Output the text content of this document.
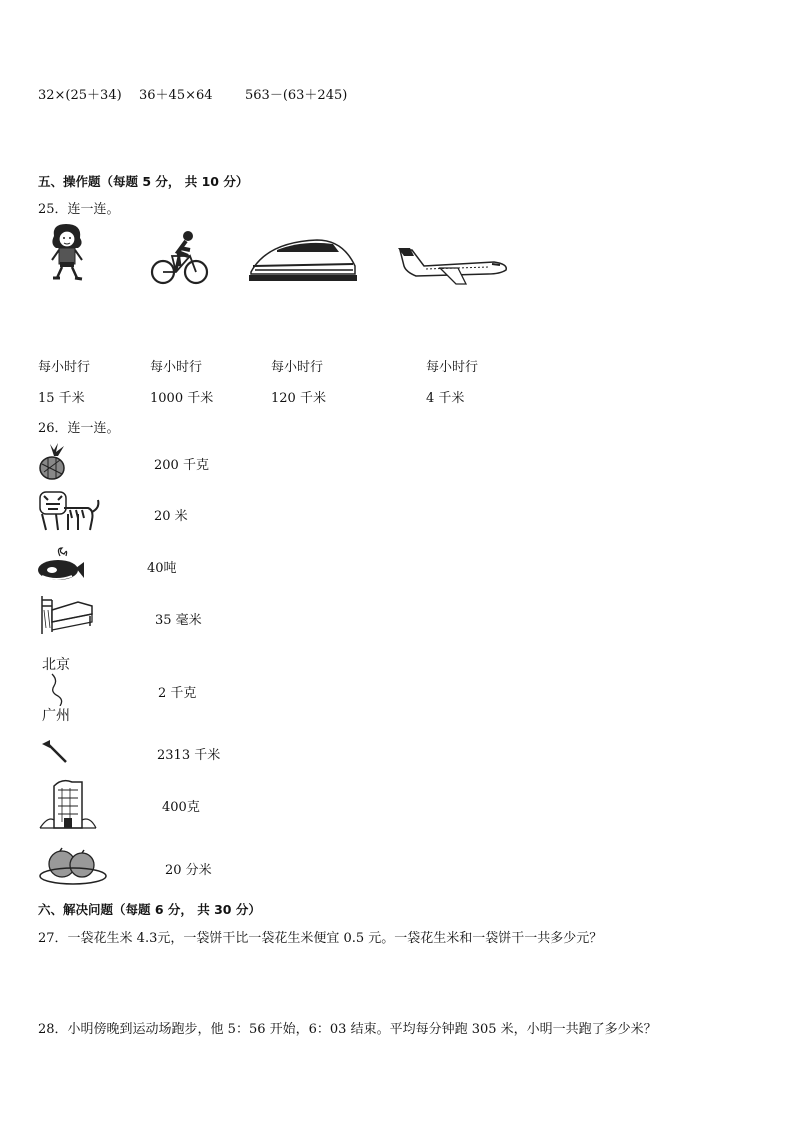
32×(25＋34) 36＋45×64 563－(63＋245)
五、操作题（每题 5 分， 共 10 分）
25．连一连。
每小时行
15 千米
每小时行
1000 千米
每小时行
120 千米
每小时行
4 千米
26．连一连。
北京
广州
200 千克
20 米
40吨
35 毫米
2 千克
2313 千米
400克
20 分米
六、解决问题（每题 6 分， 共 30 分）
27．一袋花生米 4.3元，一袋饼干比一袋花生米便宜 0.5 元。一袋花生米和一袋饼干一共多少元？
28．小明傍晚到运动场跑步，他 5：56 开始，6：03 结束。平均每分钟跑 305 米，小明一共跑了多少米？
